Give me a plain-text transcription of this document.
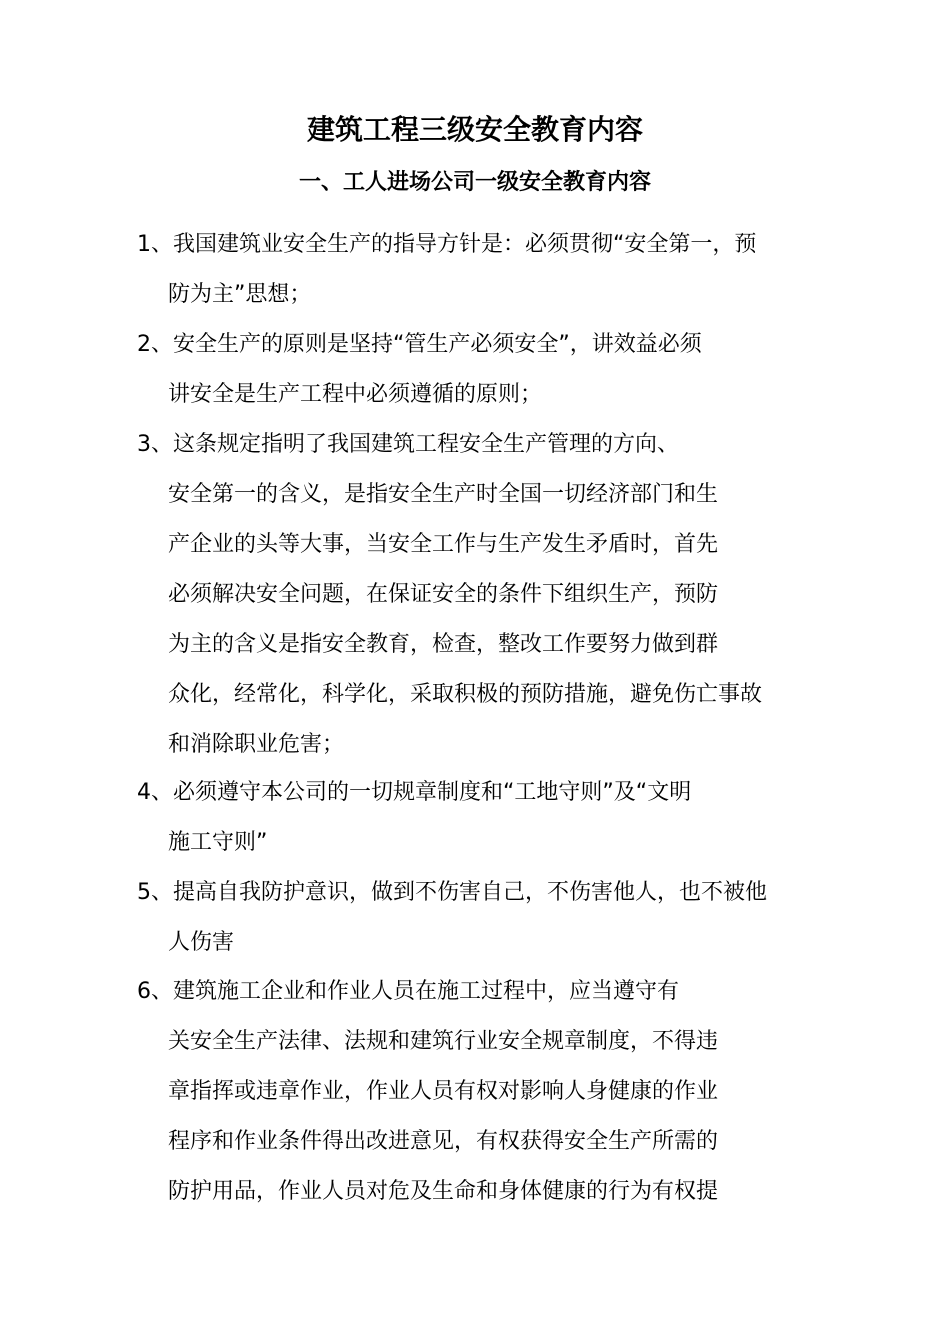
建筑工程三级安全教育内容
一、工人进场公司一级安全教育内容
1、我国建筑业安全生产的指导方针是：必须贯彻“安全第一，预
防为主”思想；
2、安全生产的原则是坚持“管生产必须安全”，讲效益必须
讲安全是生产工程中必须遵循的原则；
3、这条规定指明了我国建筑工程安全生产管理的方向、
安全第一的含义，是指安全生产时全国一切经济部门和生
产企业的头等大事，当安全工作与生产发生矛盾时，首先
必须解决安全问题，在保证安全的条件下组织生产，预防
为主的含义是指安全教育，检查，整改工作要努力做到群
众化，经常化，科学化，采取积极的预防措施，避免伤亡事故
和消除职业危害；
4、必须遵守本公司的一切规章制度和“工地守则”及“文明
施工守则”
5、提高自我防护意识，做到不伤害自己，不伤害他人，也不被他
人伤害
6、建筑施工企业和作业人员在施工过程中，应当遵守有
关安全生产法律、法规和建筑行业安全规章制度，不得违
章指挥或违章作业，作业人员有权对影响人身健康的作业
程序和作业条件得出改进意见，有权获得安全生产所需的
防护用品，作业人员对危及生命和身体健康的行为有权提
